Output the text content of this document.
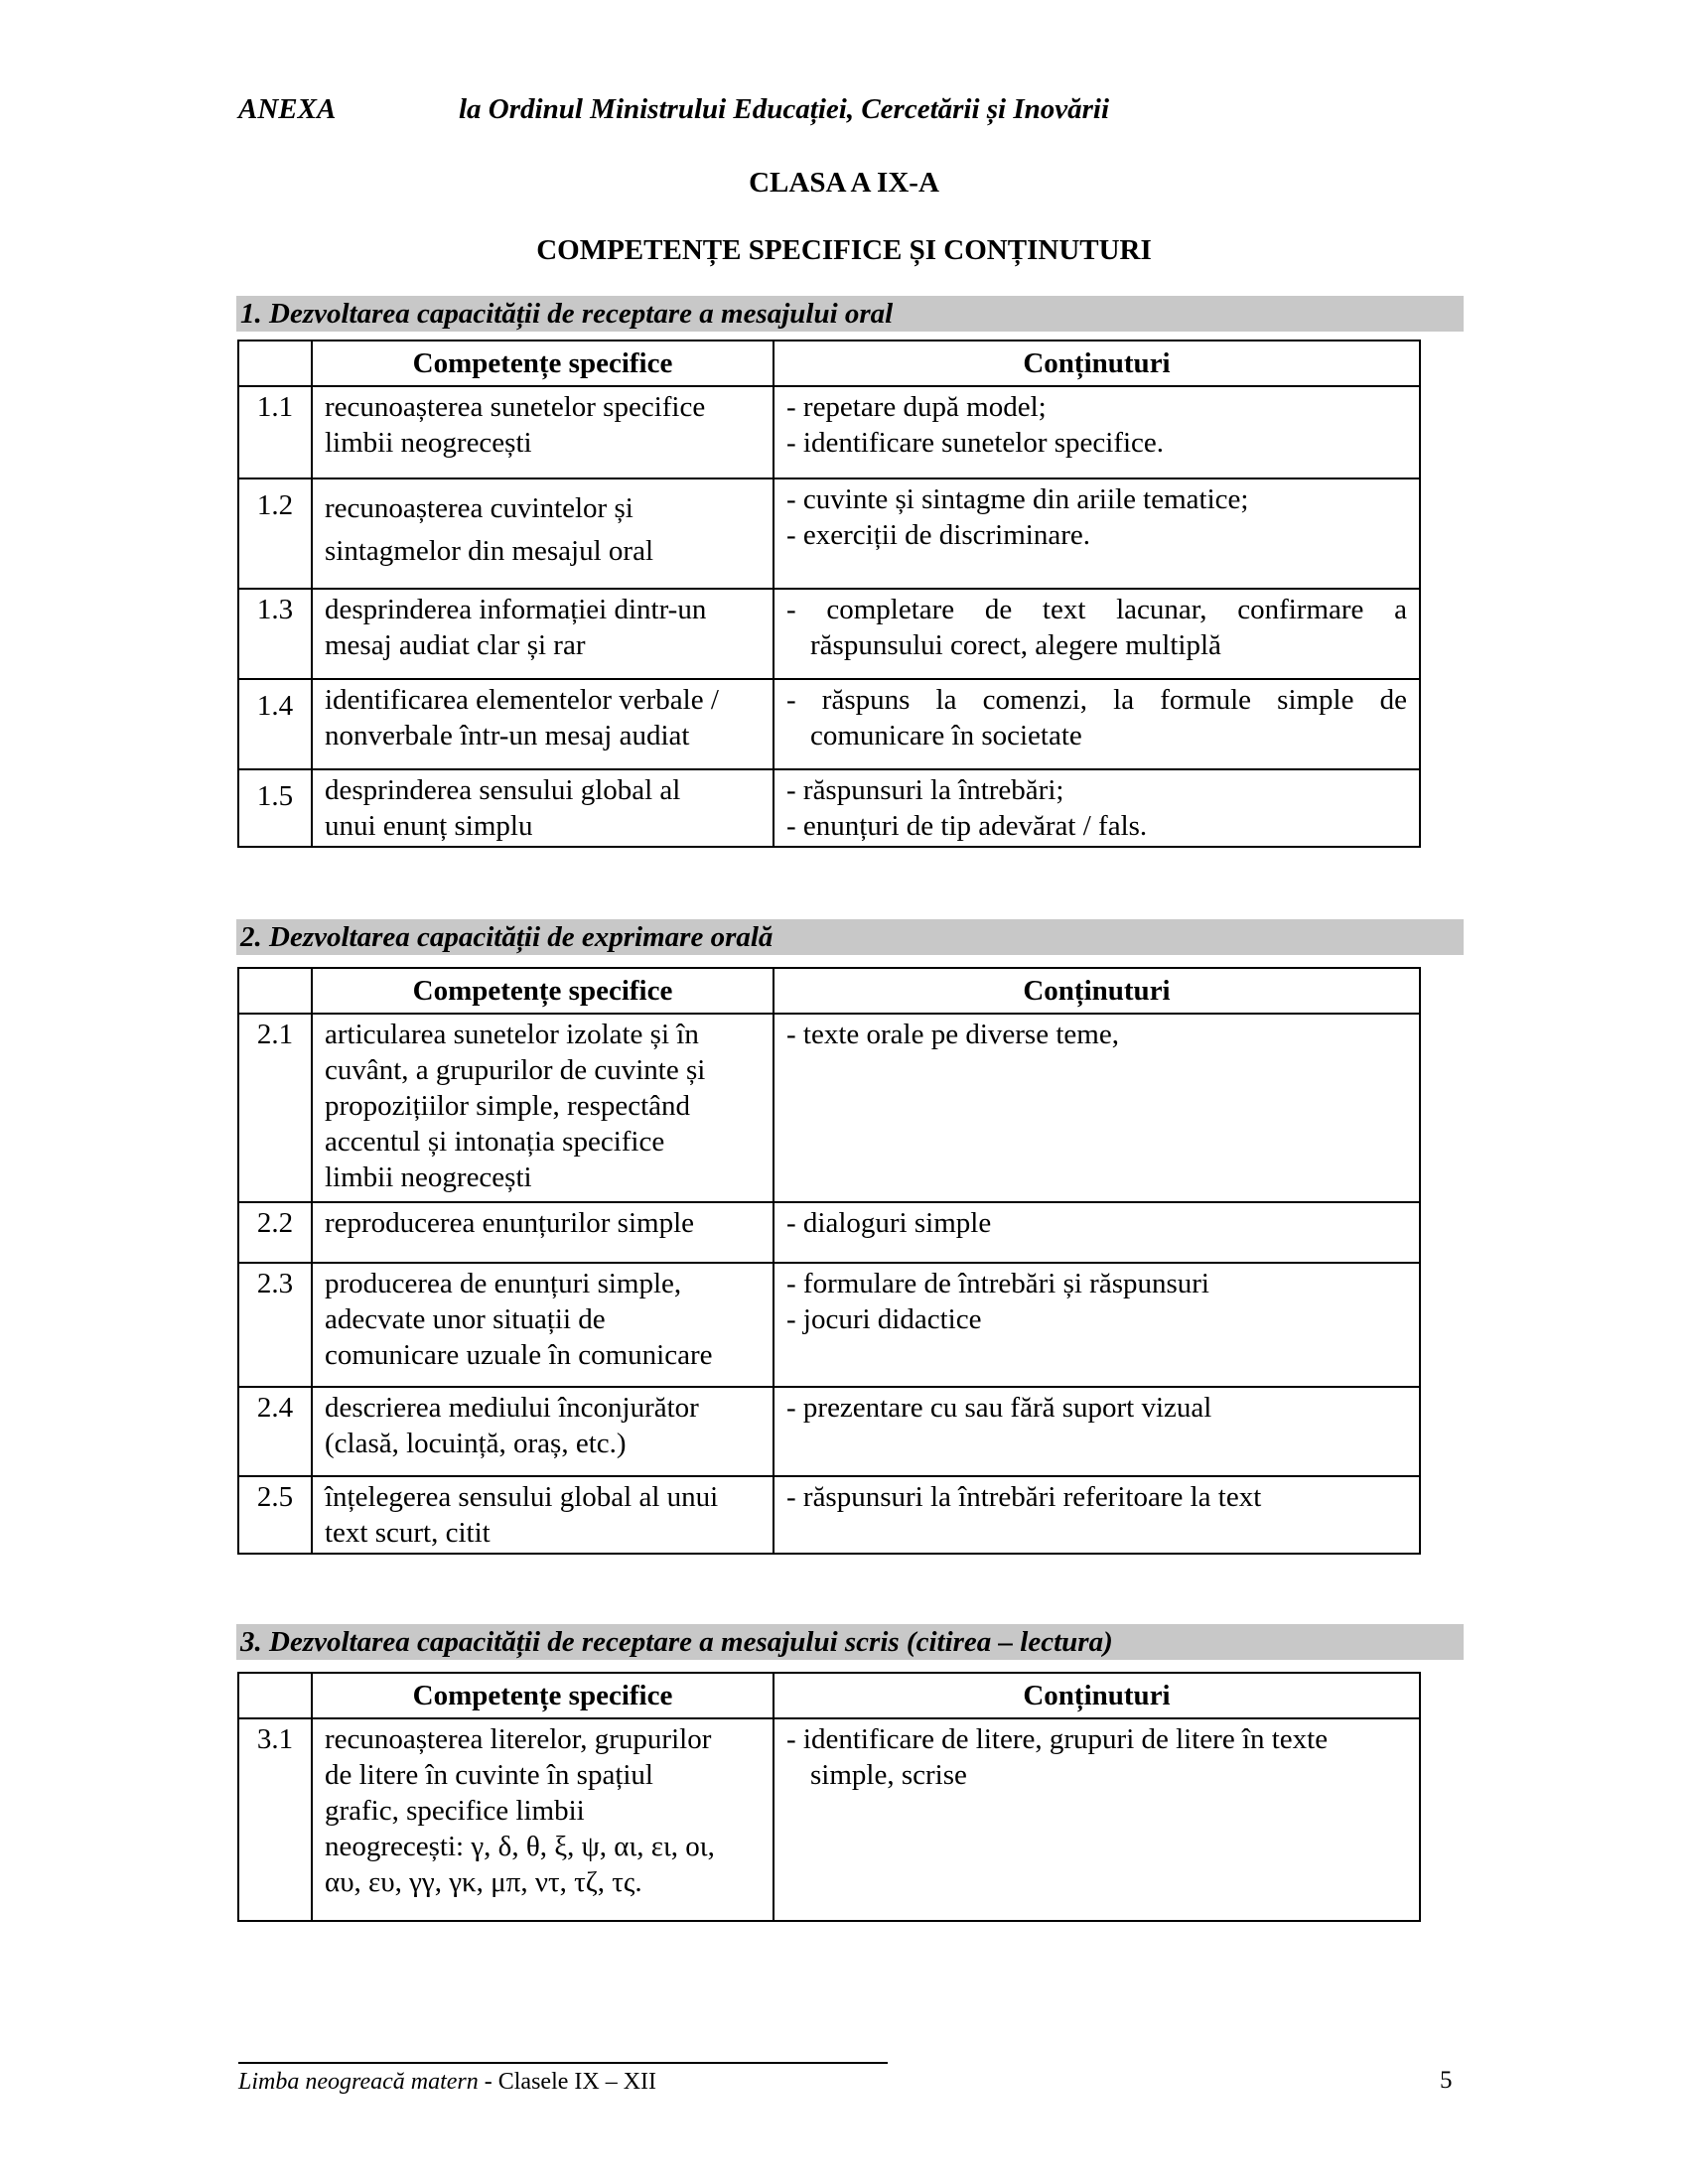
ANEXA	la Ordinul Ministrului Educației, Cercetării și Inovării
CLASA A IX-A
COMPETENȚE SPECIFICE ȘI CONȚINUTURI
1. Dezvoltarea capacității de receptare a mesajului oral
	Competențe specifice	Conținuturi
1.1	recunoașterea sunetelor specifice
limbii neogrecești	- repetare după model;
- identificare sunetelor specifice.

1.2	recunoașterea cuvintelor și
sintagmelor din mesajul oral	- cuvinte și sintagme din ariile tematice;
- exerciții de discriminare.

1.3	desprinderea informației dintr-un
mesaj audiat clar și rar	- completare de text lacunar, confirmare a răspunsului corect, alegere multiplă

1.4	identificarea elementelor verbale /
nonverbale într-un mesaj audiat	- răspuns la comenzi, la formule simple de comunicare în societate

1.5	desprinderea sensului global al
unui enunț simplu	- răspunsuri la întrebări;
- enunțuri de tip adevărat / fals.
2. Dezvoltarea capacității de exprimare orală
	Competențe specifice	Conținuturi
2.1	articularea sunetelor izolate și în
cuvânt, a grupurilor de cuvinte și
propozițiilor simple, respectând
accentul și intonația specifice
limbii neogrecești	- texte orale pe diverse teme,

2.2	reproducerea enunțurilor simple	- dialoguri simple

2.3	producerea de enunțuri simple,
adecvate unor situații de
comunicare uzuale în comunicare	- formulare de întrebări și răspunsuri
- jocuri didactice

2.4	descrierea mediului înconjurător
(clasă, locuință, oraș, etc.)	- prezentare cu sau fără suport vizual

2.5	înțelegerea sensului global al unui
text scurt, citit	- răspunsuri la întrebări referitoare la text
3. Dezvoltarea capacității de receptare a mesajului scris (citirea – lectura)
	Competențe specifice	Conținuturi
3.1	recunoașterea literelor, grupurilor
de litere în cuvinte în spațiul
grafic, specifice limbii
neogrecești: γ, δ, θ, ξ, ψ, αι, ει, οι,
αυ, ευ, γγ, γκ, μπ, ντ, τζ, τς.	- identificare de litere, grupuri de litere în texte simple, scrise
Limba neogreacă matern - Clasele IX – XII	5
